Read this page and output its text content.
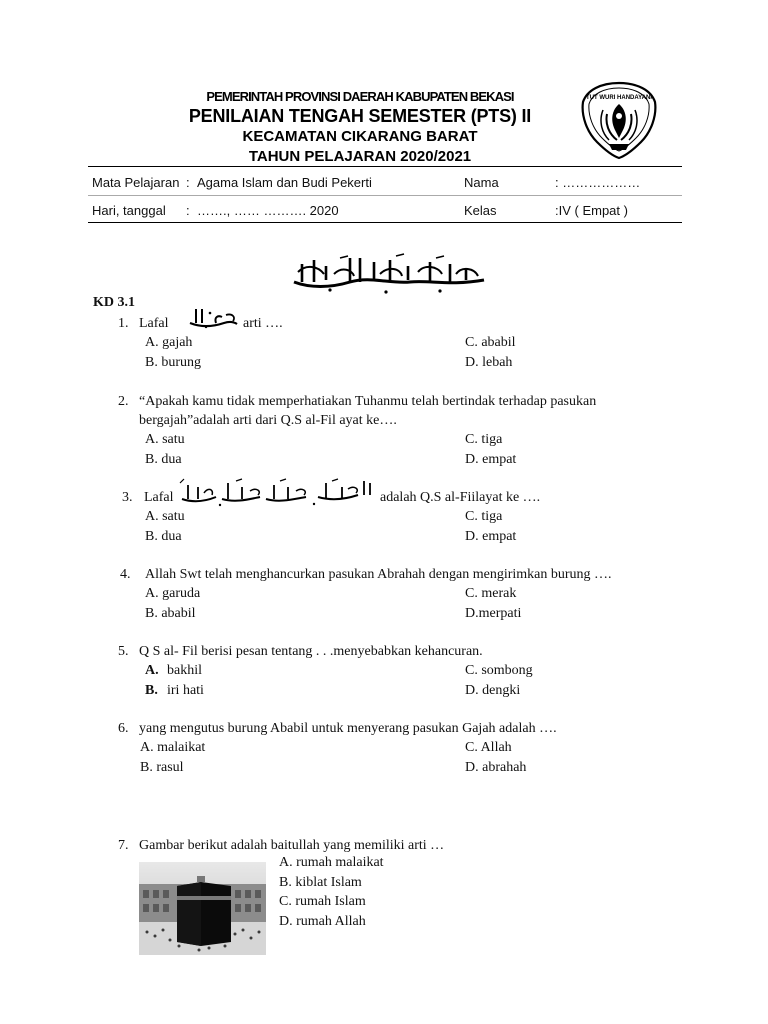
PEMERINTAH PROVINSI DAERAH KABUPATEN BEKASI
PENILAIAN TENGAH SEMESTER (PTS) II
KECAMATAN CIKARANG BARAT
TAHUN PELAJARAN 2020/2021
TUT WURI HANDAYANI
Mata Pelajaran : Agama Islam dan Budi Pekerti	Nama	: ………………
Hari, tanggal : ……., …… ………. 2020	Kelas	:IV ( Empat )
KD 3.1
1. Lafal	arti ….
A. gajah
B. burung
C. ababil
D. lebah
2. “Apakah kamu tidak memperhatiakan Tuhanmu telah bertindak terhadap pasukan
bergajah”adalah arti dari Q.S al-Fil ayat ke….
A. satu
B. dua
C. tiga
D. empat
3. Lafal	adalah Q.S al-Fiilayat ke ….
A. satu
B. dua
C. tiga
D. empat
4. Allah Swt telah menghancurkan pasukan Abrahah dengan mengirimkan burung ….
A. garuda
B. ababil
C. merak
D.merpati
5. Q S al- Fil berisi pesan tentang . . .menyebabkan kehancuran.
A. bakhil
B. iri hati
C. sombong
D. dengki
6. yang mengutus burung Ababil untuk menyerang pasukan Gajah adalah ….
A. malaikat
B. rasul
C. Allah
D. abrahah
7. Gambar berikut adalah baitullah yang memiliki arti …
A. rumah malaikat
B. kiblat Islam
C. rumah Islam
D. rumah Allah
